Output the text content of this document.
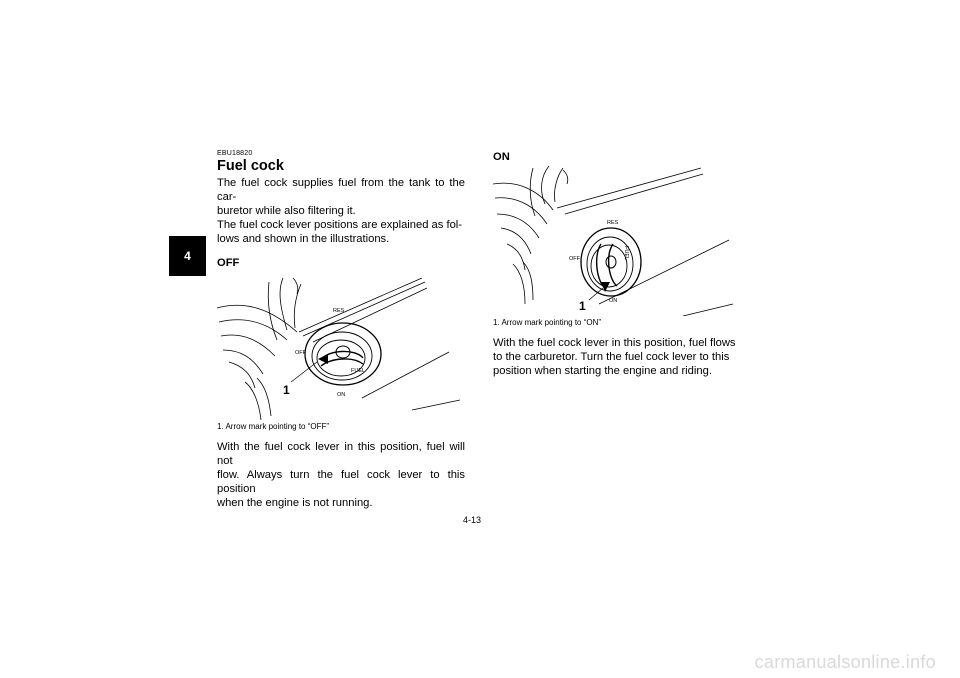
4
EBU18820
Fuel cock

The fuel cock supplies fuel from the tank to the car-
buretor while also filtering it.
The fuel cock lever positions are explained as fol-
lows and shown in the illustrations.

OFF
RES
OFF
FUEL
ON
1

1. Arrow mark pointing to “OFF”

With the fuel cock lever in this position, fuel will not
flow. Always turn the fuel cock lever to this position
when the engine is not running.

ON
RES
OFF	FUEL
ON
1

1. Arrow mark pointing to “ON”

With the fuel cock lever in this position, fuel flows
to the carburetor. Turn the fuel cock lever to this
position when starting the engine and riding.

4-13
carmanualsonline.info
